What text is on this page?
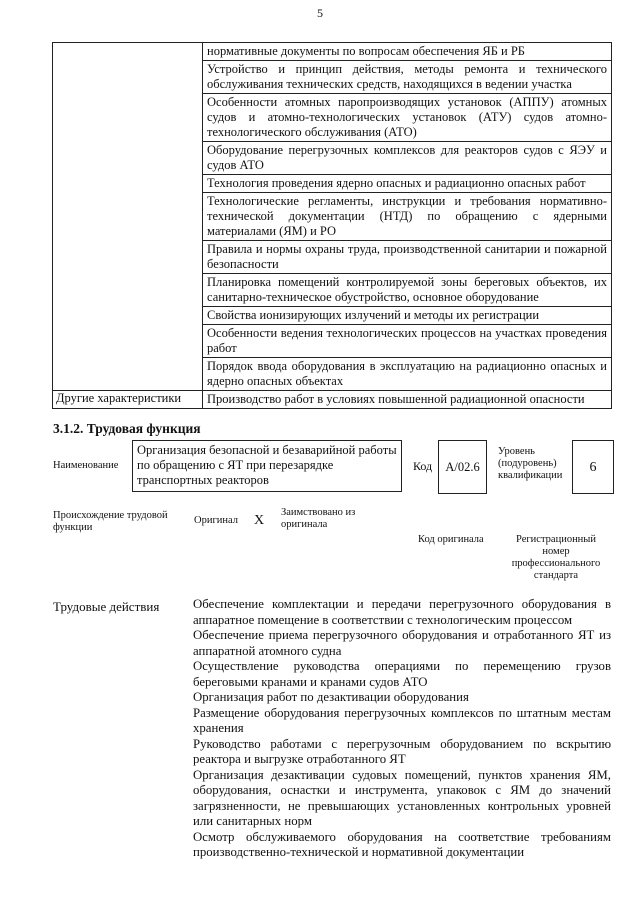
5
	нормативные документы по вопросам обеспечения ЯБ и РБ
	Устройство и принцип действия, методы ремонта и технического обслуживания технических средств, находящихся в ведении участка
	Особенности атомных паропроизводящих установок (АППУ) атомных судов и атомно-технологических установок (АТУ) судов атомно-технологического обслуживания (АТО)
	Оборудование перегрузочных комплексов для реакторов судов с ЯЭУ и судов АТО
	Технология проведения ядерно опасных и радиационно опасных работ
	Технологические регламенты, инструкции и требования нормативно-технической документации (НТД) по обращению с ядерными материалами (ЯМ) и РО
	Правила и нормы охраны труда, производственной санитарии и пожарной безопасности
	Планировка помещений контролируемой зоны береговых объектов, их санитарно-техническое обустройство, основное оборудование
	Свойства ионизирующих излучений и методы их регистрации
	Особенности ведения технологических процессов на участках проведения работ
	Порядок ввода оборудования в эксплуатацию на радиационно опасных и ядерно опасных объектах
Другие характеристики	Производство работ в условиях повышенной радиационной опасности
3.1.2. Трудовая функция
Наименование
Организация безопасной и безаварийной работы по обращению с ЯТ при перезарядке транспортных реакторов
Код	А/02.6
Уровень (подуровень) квалификации
6
Происхождение трудовой функции
Оригинал X
Заимствовано из оригинала
Код оригинала	Регистрационный номер профессионального стандарта
Трудовые действия	Обеспечение комплектации и передачи перегрузочного оборудования в аппаратное помещение в соответствии с технологическим процессом
Обеспечение приема перегрузочного оборудования и отработанного ЯТ из аппаратной атомного судна
Осуществление руководства операциями по перемещению грузов береговыми кранами и кранами судов АТО
Организация работ по дезактивации оборудования
Размещение оборудования перегрузочных комплексов по штатным местам хранения
Руководство работами с перегрузочным оборудованием по вскрытию реактора и выгрузке отработанного ЯТ
Организация дезактивации судовых помещений, пунктов хранения ЯМ, оборудования, оснастки и инструмента, упаковок с ЯМ до значений загрязненности, не превышающих установленных контрольных уровней или санитарных норм
Осмотр обслуживаемого оборудования на соответствие требованиям производственно-технической и нормативной документации
